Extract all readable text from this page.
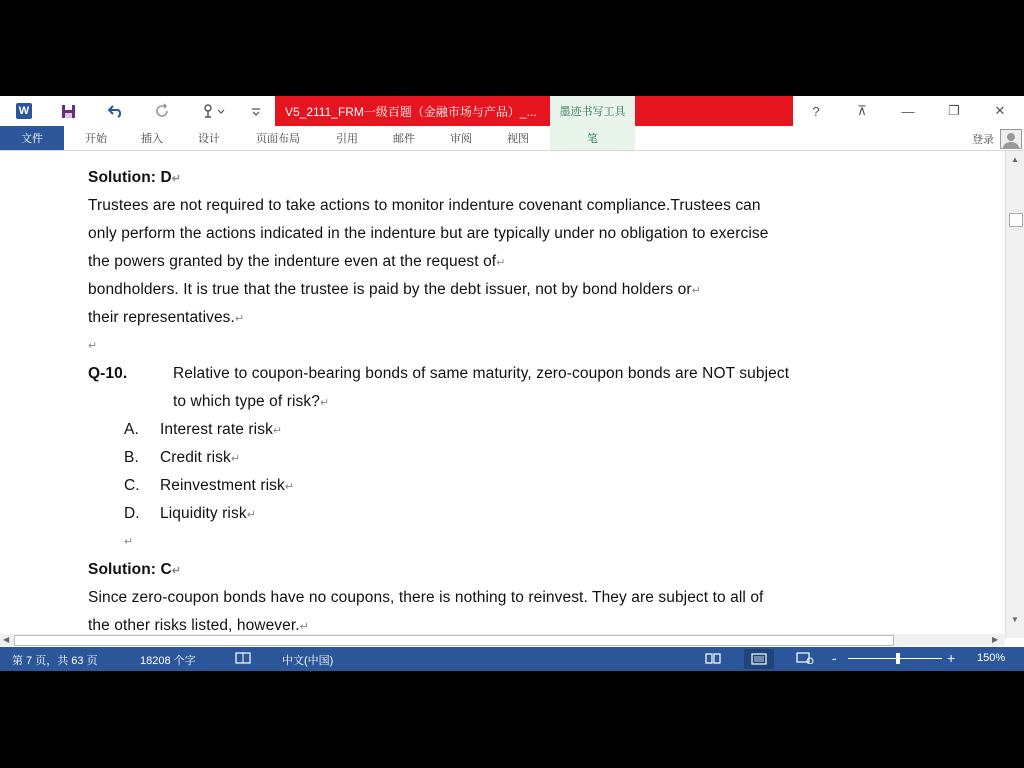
W	V5_2111_FRM一级百题（金融市场与产品）_...	墨迹书写工具	?	⊼	—	❐	✕
文件	开始	插入	设计	页面布局	引用	邮件	审阅	视图	笔	登录
Solution: D↵
Trustees are not required to take actions to monitor indenture covenant compliance.Trustees can
only perform the actions indicated in the indenture but are typically under no obligation to exercise
the powers granted by the indenture even at the request of↵
bondholders. It is true that the trustee is paid by the debt issuer, not by bond holders or↵
their representatives.↵
↵
Q-10.	Relative to coupon-bearing bonds of same maturity, zero-coupon bonds are NOT subject
to which type of risk?↵
A. Interest rate risk↵
B. Credit risk↵
C. Reinvestment risk↵
D. Liquidity risk↵
↵
Solution: C↵
Since zero-coupon bonds have no coupons, there is nothing to reinvest. They are subject to all of
the other risks listed, however.↵
▲
▼
◀	▶
第 7 页，共 63 页	18208 个字	中文(中国)	-	+ 150%
